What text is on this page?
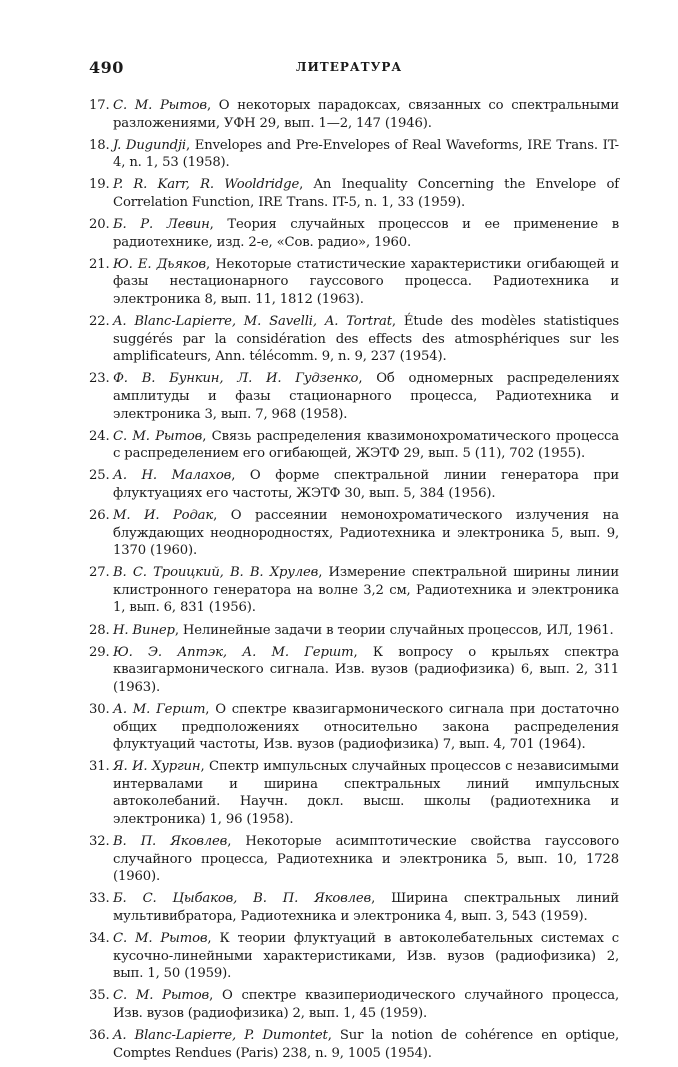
490	ЛИТЕРАТУРА
17. С. М. Рытов, О некоторых парадоксах, связанных со спектральными разложениями, УФН 29, вып. 1—2, 147 (1946).
18. J. Dugundji, Envelopes and Pre-Envelopes of Real Waveforms, IRE Trans. IT-4, n. 1, 53 (1958).
19. P. R. Karr, R. Wooldridge, An Inequality Concerning the Envelope of Correlation Function, IRE Trans. IT-5, n. 1, 33 (1959).
20. Б. Р. Левин, Теория случайных процессов и ее применение в радиотехнике, изд. 2-е, «Сов. радио», 1960.
21. Ю. Е. Дьяков, Некоторые статистические характеристики огибающей и фазы нестационарного гауссового процесса. Радиотехника и электроника 8, вып. 11, 1812 (1963).
22. A. Blanc-Lapierre, M. Savelli, A. Tortrat, Étude des modèles statistiques suggérés par la considération des effects des atmosphériques sur les amplificateurs, Ann. télécomm. 9, n. 9, 237 (1954).
23. Ф. В. Бункин, Л. И. Гудзенко, Об одномерных распределениях амплитуды и фазы стационарного процесса, Радиотехника и электроника 3, вып. 7, 968 (1958).
24. С. М. Рытов, Связь распределения квазимонохроматического процесса с распределением его огибающей, ЖЭТФ 29, вып. 5 (11), 702 (1955).
25. А. Н. Малахов, О форме спектральной линии генератора при флуктуациях его частоты, ЖЭТФ 30, вып. 5, 384 (1956).
26. М. И. Родак, О рассеянии немонохроматического излучения на блуждающих неоднородностях, Радиотехника и электроника 5, вып. 9, 1370 (1960).
27. В. С. Троицкий, В. В. Хрулев, Измерение спектральной ширины линии клистронного генератора на волне 3,2 см, Радиотехника и электроника 1, вып. 6, 831 (1956).
28. Н. Винер, Нелинейные задачи в теории случайных процессов, ИЛ, 1961.
29. Ю. Э. Аптэк, А. М. Гершт, К вопросу о крыльях спектра квазигармонического сигнала. Изв. вузов (радиофизика) 6, вып. 2, 311 (1963).
30. А. М. Гершт, О спектре квазигармонического сигнала при достаточно общих предположениях относительно закона распределения флуктуаций частоты, Изв. вузов (радиофизика) 7, вып. 4, 701 (1964).
31. Я. И. Хургин, Спектр импульсных случайных процессов с независимыми интервалами и ширина спектральных линий импульсных автоколебаний. Научн. докл. высш. школы (радиотехника и электроника) 1, 96 (1958).
32. В. П. Яковлев, Некоторые асимптотические свойства гауссового случайного процесса, Радиотехника и электроника 5, вып. 10, 1728 (1960).
33. Б. С. Цыбаков, В. П. Яковлев, Ширина спектральных линий мультивибратора, Радиотехника и электроника 4, вып. 3, 543 (1959).
34. С. М. Рытов, К теории флуктуаций в автоколебательных системах с кусочно-линейными характеристиками, Изв. вузов (радиофизика) 2, вып. 1, 50 (1959).
35. С. М. Рытов, О спектре квазипериодического случайного процесса, Изв. вузов (радиофизика) 2, вып. 1, 45 (1959).
36. A. Blanc-Lapierre, P. Dumontet, Sur la notion de cohérence en optique, Comptes Rendues (Paris) 238, n. 9, 1005 (1954).
